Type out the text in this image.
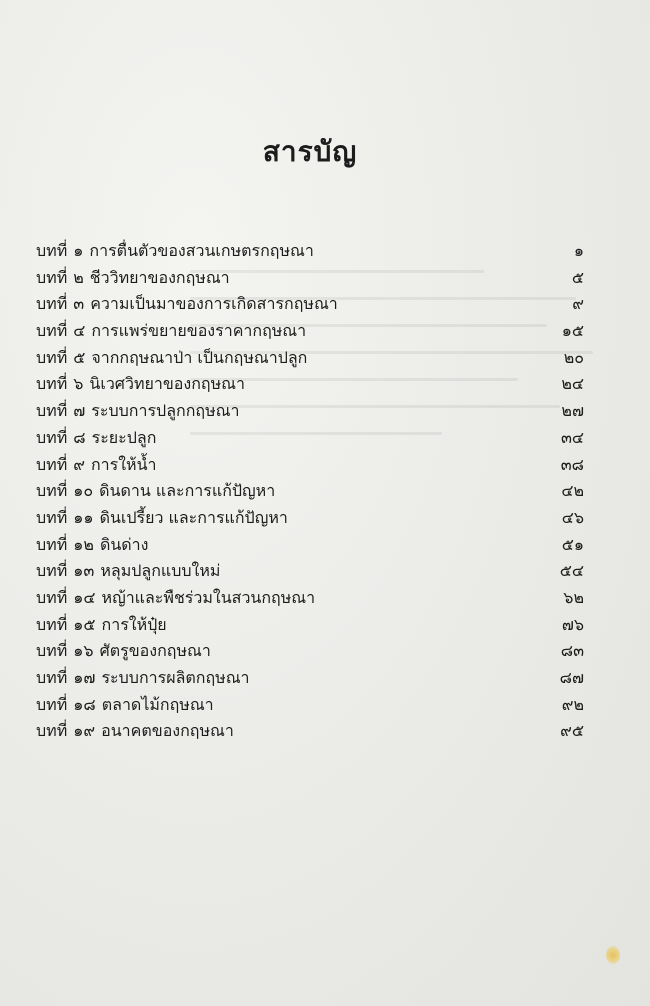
สารบัญ
บทที่ ๑ การตื่นตัวของสวนเกษตรกฤษณา	๑
บทที่ ๒ ชีววิทยาของกฤษณา	๕
บทที่ ๓ ความเป็นมาของการเกิดสารกฤษณา	๙
บทที่ ๔ การแพร่ขยายของราคากฤษณา	๑๕
บทที่ ๕ จากกฤษณาป่า เป็นกฤษณาปลูก	๒๐
บทที่ ๖ นิเวศวิทยาของกฤษณา	๒๔
บทที่ ๗ ระบบการปลูกกฤษณา	๒๗
บทที่ ๘ ระยะปลูก	๓๔
บทที่ ๙ การให้น้ำ	๓๘
บทที่ ๑๐ ดินดาน และการแก้ปัญหา	๔๒
บทที่ ๑๑ ดินเปรี้ยว และการแก้ปัญหา	๔๖
บทที่ ๑๒ ดินด่าง	๕๑
บทที่ ๑๓ หลุมปลูกแบบใหม่	๕๔
บทที่ ๑๔ หญ้าและพืชร่วมในสวนกฤษณา	๖๒
บทที่ ๑๕ การให้ปุ๋ย	๗๖
บทที่ ๑๖ ศัตรูของกฤษณา	๘๓
บทที่ ๑๗ ระบบการผลิตกฤษณา	๘๗
บทที่ ๑๘ ตลาดไม้กฤษณา	๙๒
บทที่ ๑๙ อนาคตของกฤษณา	๙๕
